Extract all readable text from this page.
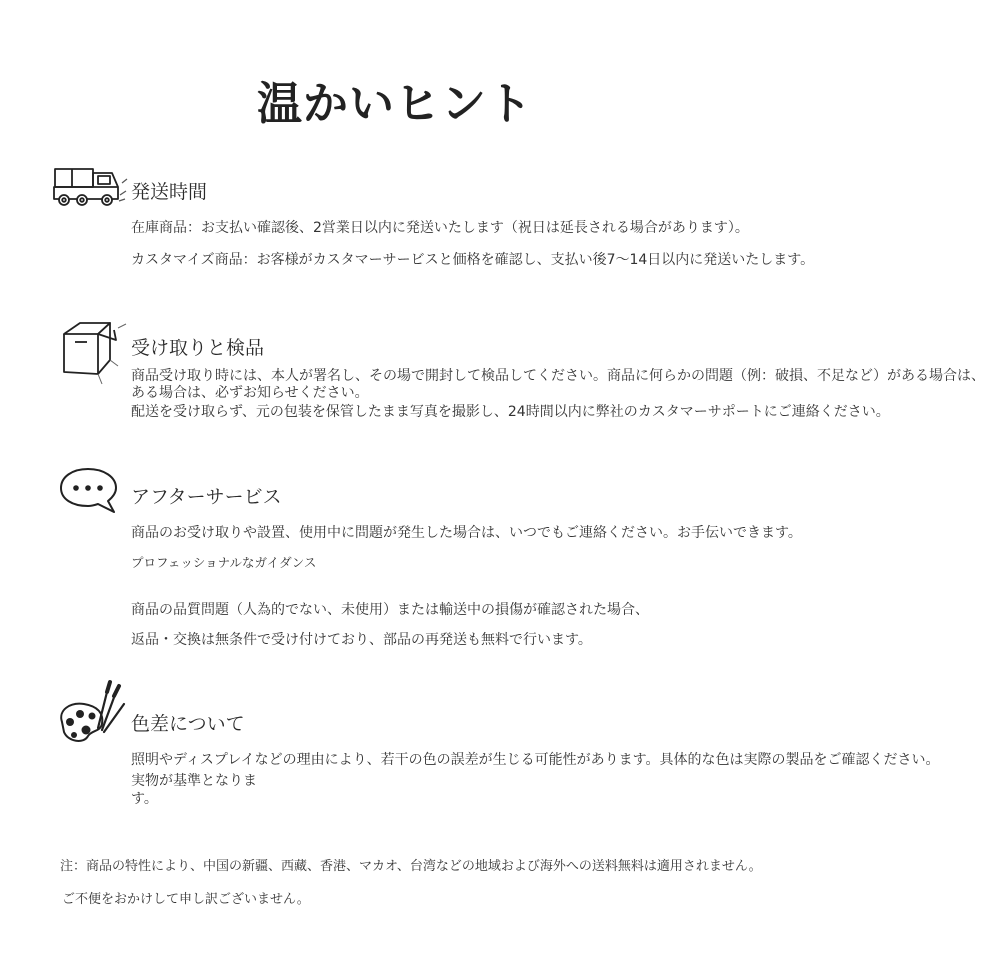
温かいヒント
発送時間
在庫商品：お支払い確認後、2営業日以内に発送いたします（祝日は延長される場合があります）。
カスタマイズ商品：お客様がカスタマーサービスと価格を確認し、支払い後7〜14日以内に発送いたします。
受け取りと検品
商品受け取り時には、本人が署名し、その場で開封して検品してください。商品に何らかの問題（例：破損、不足など）がある場合は、
ある場合は、必ずお知らせください。
配送を受け取らず、元の包装を保管したまま写真を撮影し、24時間以内に弊社のカスタマーサポートにご連絡ください。
アフターサービス
商品のお受け取りや設置、使用中に問題が発生した場合は、いつでもご連絡ください。お手伝いできます。
プロフェッショナルなガイダンス
商品の品質問題（人為的でない、未使用）または輸送中の損傷が確認された場合、
返品・交換は無条件で受け付けており、部品の再発送も無料で行います。
色差について
照明やディスプレイなどの理由により、若干の色の誤差が生じる可能性があります。具体的な色は実際の製品をご確認ください。
実物が基準となります。
注：商品の特性により、中国の新疆、西藏、香港、マカオ、台湾などの地域および海外への送料無料は適用されません。
ご不便をおかけして申し訳ございません。
